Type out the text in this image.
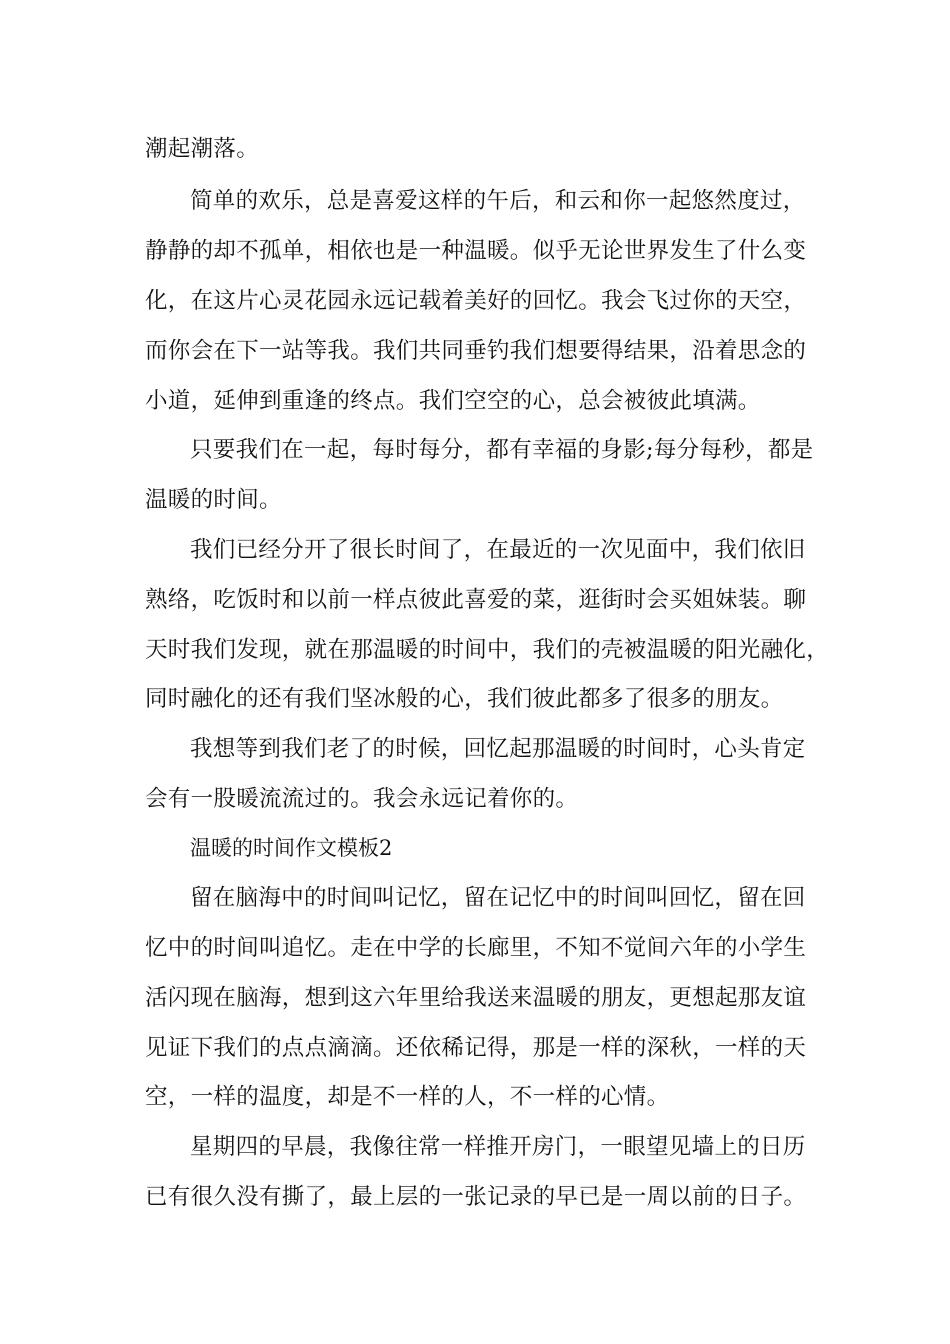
潮起潮落。
简单的欢乐，总是喜爱这样的午后，和云和你一起悠然度过，
静静的却不孤单，相依也是一种温暖。似乎无论世界发生了什么变
化，在这片心灵花园永远记载着美好的回忆。我会飞过你的天空，
而你会在下一站等我。我们共同垂钓我们想要得结果，沿着思念的
小道，延伸到重逢的终点。我们空空的心，总会被彼此填满。
只要我们在一起，每时每分，都有幸福的身影;每分每秒，都是
温暖的时间。
我们已经分开了很长时间了，在最近的一次见面中，我们依旧
熟络，吃饭时和以前一样点彼此喜爱的菜，逛街时会买姐妹装。聊
天时我们发现，就在那温暖的时间中，我们的壳被温暖的阳光融化，
同时融化的还有我们坚冰般的心，我们彼此都多了很多的朋友。
我想等到我们老了的时候，回忆起那温暖的时间时，心头肯定
会有一股暖流流过的。我会永远记着你的。
温暖的时间作文模板2
留在脑海中的时间叫记忆，留在记忆中的时间叫回忆，留在回
忆中的时间叫追忆。走在中学的长廊里，不知不觉间六年的小学生
活闪现在脑海，想到这六年里给我送来温暖的朋友，更想起那友谊
见证下我们的点点滴滴。还依稀记得，那是一样的深秋，一样的天
空，一样的温度，却是不一样的人，不一样的心情。
星期四的早晨，我像往常一样推开房门，一眼望见墙上的日历
已有很久没有撕了，最上层的一张记录的早已是一周以前的日子。
